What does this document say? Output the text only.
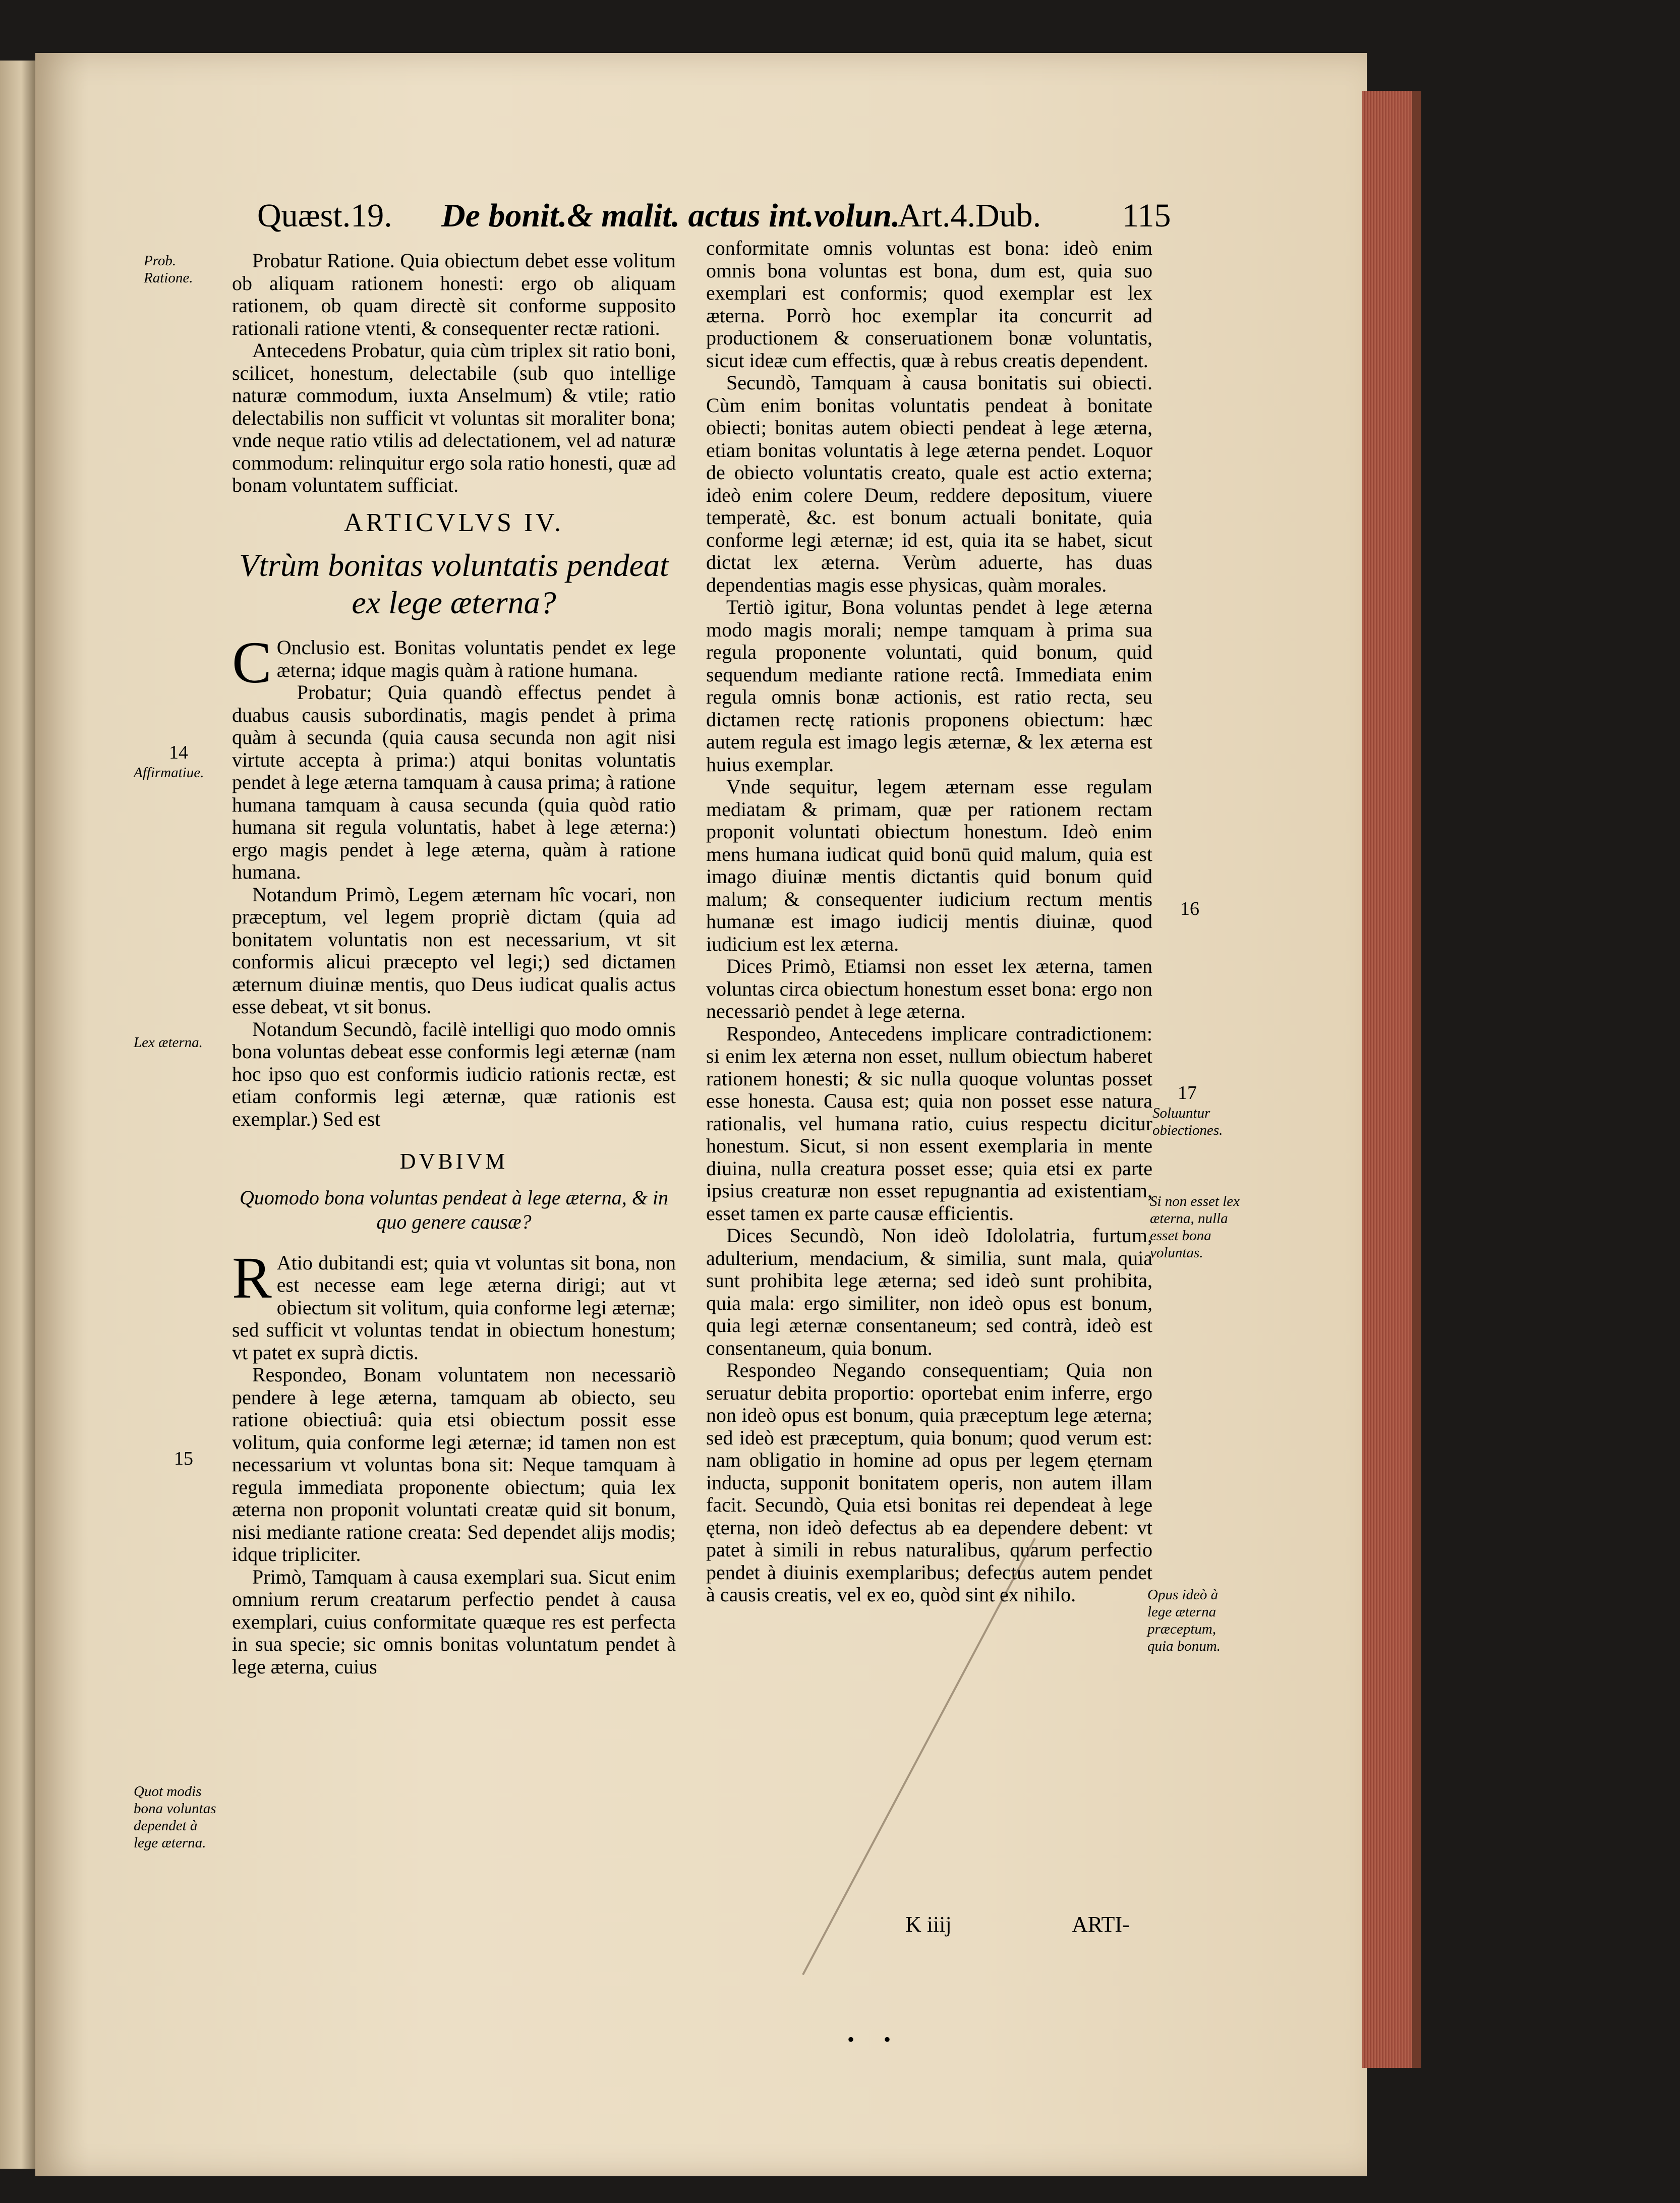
Quæst.19. De bonit.& malit. actus int.volun.
Art.4.Dub. 115
Prob. Ratione.
14
Affirmatiue.
Lex æterna.
15
Quot modis bona voluntas dependet à lege æterna.
16
17
Soluuntur obiectiones.
Si non esset lex æterna, nulla esset bona voluntas.
Opus ideò à lege æterna præceptum, quia bonum.

Probatur Ratione. Quia obiectum debet esse volitum ob aliquam rationem honesti: ergo ob aliquam rationem, ob quam directè sit conforme supposito rationali ratione vtenti, & consequenter rectæ rationi.

Antecedens Probatur, quia cùm triplex sit ratio boni, scilicet, honestum, delectabile (sub quo intellige naturæ commodum, iuxta Anselmum) & vtile; ratio delectabilis non sufficit vt voluntas sit moraliter bona; vnde neque ratio vtilis ad delectationem, vel ad naturæ commodum: relinquitur ergo sola ratio honesti, quæ ad bonam voluntatem sufficiat.

ARTICVLVS IV.
Vtrùm bonitas voluntatis pendeat ex lege æterna?

C Onclusio est. Bonitas voluntatis pendet ex lege æterna; idque magis quàm à ratione humana.

Probatur; Quia quandò effectus pendet à duabus causis subordinatis, magis pendet à prima quàm à secunda (quia causa secunda non agit nisi virtute accepta à prima:) atqui bonitas voluntatis pendet à lege æterna tamquam à causa prima; à ratione humana tamquam à causa secunda (quia quòd ratio humana sit regula voluntatis, habet à lege æterna:) ergo magis pendet à lege æterna, quàm à ratione humana.

Notandum Primò, Legem æternam hîc vocari, non præceptum, vel legem propriè dictam (quia ad bonitatem voluntatis non est necessarium, vt sit conformis alicui præcepto vel legi;) sed dictamen æternum diuinæ mentis, quo Deus iudicat qualis actus esse debeat, vt sit bonus.

Notandum Secundò, facilè intelligi quo modo omnis bona voluntas debeat esse conformis legi æternæ (nam hoc ipso quo est conformis iudicio rationis rectæ, est etiam conformis legi æternæ, quæ rationis est exemplar.) Sed est

DVBIVM
Quomodo bona voluntas pendeat à lege æterna, & in quo genere causæ?

R Atio dubitandi est; quia vt voluntas sit bona, non est necesse eam lege æterna dirigi; aut vt obiectum sit volitum, quia conforme legi æternæ; sed sufficit vt voluntas tendat in obiectum honestum; vt patet ex suprà dictis.

Respondeo, Bonam voluntatem non necessariò pendere à lege æterna, tamquam ab obiecto, seu ratione obiectiuâ: quia etsi obiectum possit esse volitum, quia conforme legi æternæ; id tamen non est necessarium vt voluntas bona sit: Neque tamquam à regula immediata proponente obiectum; quia lex æterna non proponit voluntati creatæ quid sit bonum, nisi mediante ratione creata: Sed dependet alijs modis; idque tripliciter.

Primò, Tamquam à causa exemplari sua. Sicut enim omnium rerum creatarum perfectio pendet à causa exemplari, cuius conformitate quæque res est perfecta in sua specie; sic omnis bonitas voluntatum pendet à lege æterna, cuius

conformitate omnis voluntas est bona: ideò enim omnis bona voluntas est bona, dum est, quia suo exemplari est conformis; quod exemplar est lex æterna. Porrò hoc exemplar ita concurrit ad productionem & conseruationem bonæ voluntatis, sicut ideæ cum effectis, quæ à rebus creatis dependent.

Secundò, Tamquam à causa bonitatis sui obiecti. Cùm enim bonitas voluntatis pendeat à bonitate obiecti; bonitas autem obiecti pendeat à lege æterna, etiam bonitas voluntatis à lege æterna pendet. Loquor de obiecto voluntatis creato, quale est actio externa; ideò enim colere Deum, reddere depositum, viuere temperatè, &c. est bonum actuali bonitate, quia conforme legi æternæ; id est, quia ita se habet, sicut dictat lex æterna. Verùm aduerte, has duas dependentias magis esse physicas, quàm morales.

Tertiò igitur, Bona voluntas pendet à lege æterna modo magis morali; nempe tamquam à prima sua regula proponente voluntati, quid bonum, quid sequendum mediante ratione rectâ. Immediata enim regula omnis bonæ actionis, est ratio recta, seu dictamen rectę rationis proponens obiectum: hæc autem regula est imago legis æternæ, & lex æterna est huius exemplar.

Vnde sequitur, legem æternam esse regulam mediatam & primam, quæ per rationem rectam proponit voluntati obiectum honestum. Ideò enim mens humana iudicat quid bonū quid malum, quia est imago diuinæ mentis dictantis quid bonum quid malum; & consequenter iudicium rectum mentis humanæ est imago iudicij mentis diuinæ, quod iudicium est lex æterna.

Dices Primò, Etiamsi non esset lex æterna, tamen voluntas circa obiectum honestum esset bona: ergo non necessariò pendet à lege æterna.

Respondeo, Antecedens implicare contradictionem: si enim lex æterna non esset, nullum obiectum haberet rationem honesti; & sic nulla quoque voluntas posset esse honesta. Causa est; quia non posset esse natura rationalis, vel humana ratio, cuius respectu dicitur honestum. Sicut, si non essent exemplaria in mente diuina, nulla creatura posset esse; quia etsi ex parte ipsius creaturæ non esset repugnantia ad existentiam, esset tamen ex parte causæ efficientis.

Dices Secundò, Non ideò Idololatria, furtum, adulterium, mendacium, & similia, sunt mala, quia sunt prohibita lege æterna; sed ideò sunt prohibita, quia mala: ergo similiter, non ideò opus est bonum, quia legi æternæ consentaneum; sed contrà, ideò est consentaneum, quia bonum.

Respondeo Negando consequentiam; Quia non seruatur debita proportio: oportebat enim inferre, ergo non ideò opus est bonum, quia præceptum lege æterna; sed ideò est præceptum, quia bonum; quod verum est: nam obligatio in homine ad opus per legem ęternam inducta, supponit bonitatem operis, non autem illam facit. Secundò, Quia etsi bonitas rei dependeat à lege ęterna, non ideò defectus ab ea dependere debent: vt patet à simili in rebus naturalibus, quarum perfectio pendet à diuinis exemplaribus; defectus autem pendet à causis creatis, vel ex eo, quòd sint ex nihilo.

K iiij	ARTI-
• •
